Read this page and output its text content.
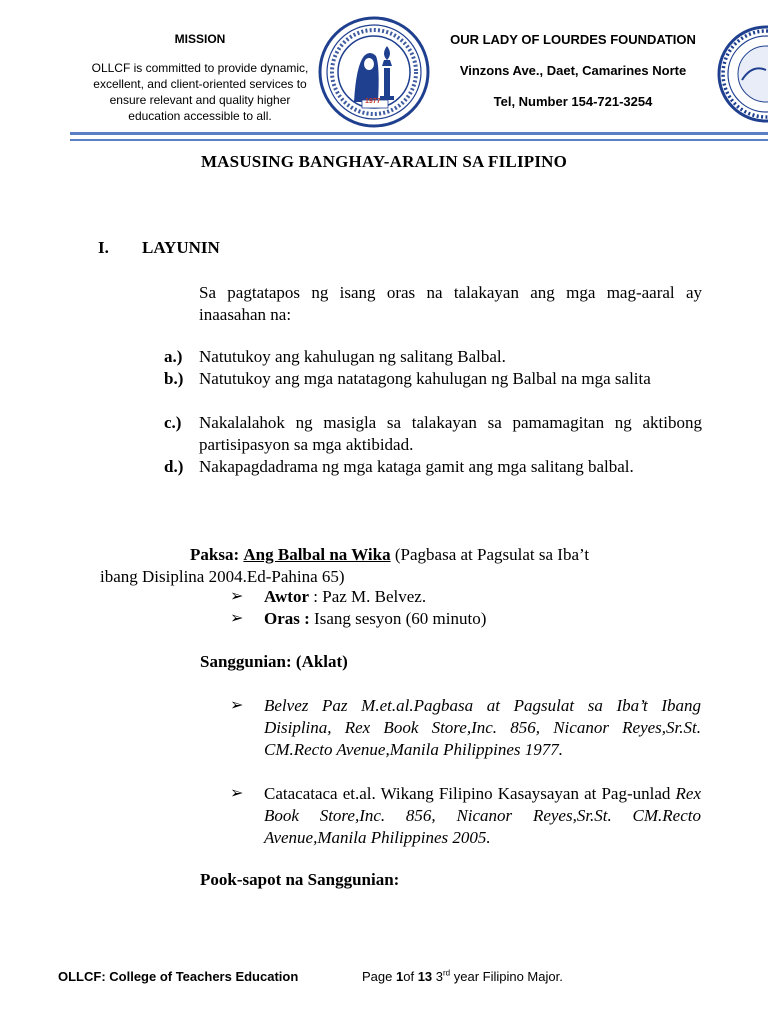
MISSION
OLLCF is committed to provide dynamic, excellent, and client-oriented services to ensure relevant and quality higher education accessible to all.
1977
OUR LADY OF LOURDES FOUNDATION
Vinzons Ave., Daet, Camarines Norte
Tel, Number 154-721-3254
MASUSING BANGHAY-ARALIN SA FILIPINO
I. LAYUNIN
Sa pagtatapos ng isang oras na talakayan ang mga mag-aaral ay inaasahan na:
a.) Natutukoy ang kahulugan ng salitang Balbal.
b.) Natutukoy ang mga natatagong kahulugan ng Balbal na mga salita
c.) Nakalalahok ng masigla sa talakayan sa pamamagitan ng aktibong partisipasyon sa mga aktibidad.
d.) Nakapagdadrama ng mga kataga gamit ang mga salitang balbal.
Paksa: Ang Balbal na Wika (Pagbasa at Pagsulat sa Iba’t
ibang Disiplina 2004.Ed-Pahina 65)
➢ Awtor : Paz M. Belvez.
➢ Oras : Isang sesyon (60 minuto)
Sanggunian: (Aklat)
➢ Belvez Paz M.et.al.Pagbasa at Pagsulat sa Iba’t Ibang Disiplina, Rex Book Store,Inc. 856, Nicanor Reyes,Sr.St. CM.Recto Avenue,Manila Philippines 1977.
➢ Catacataca et.al. Wikang Filipino Kasaysayan at Pag-unlad Rex Book Store,Inc. 856, Nicanor Reyes,Sr.St. CM.Recto Avenue,Manila Philippines 2005.
Pook-sapot na Sanggunian:
OLLCF: College of Teachers Education	Page 1of 13 3rd year Filipino Major.
